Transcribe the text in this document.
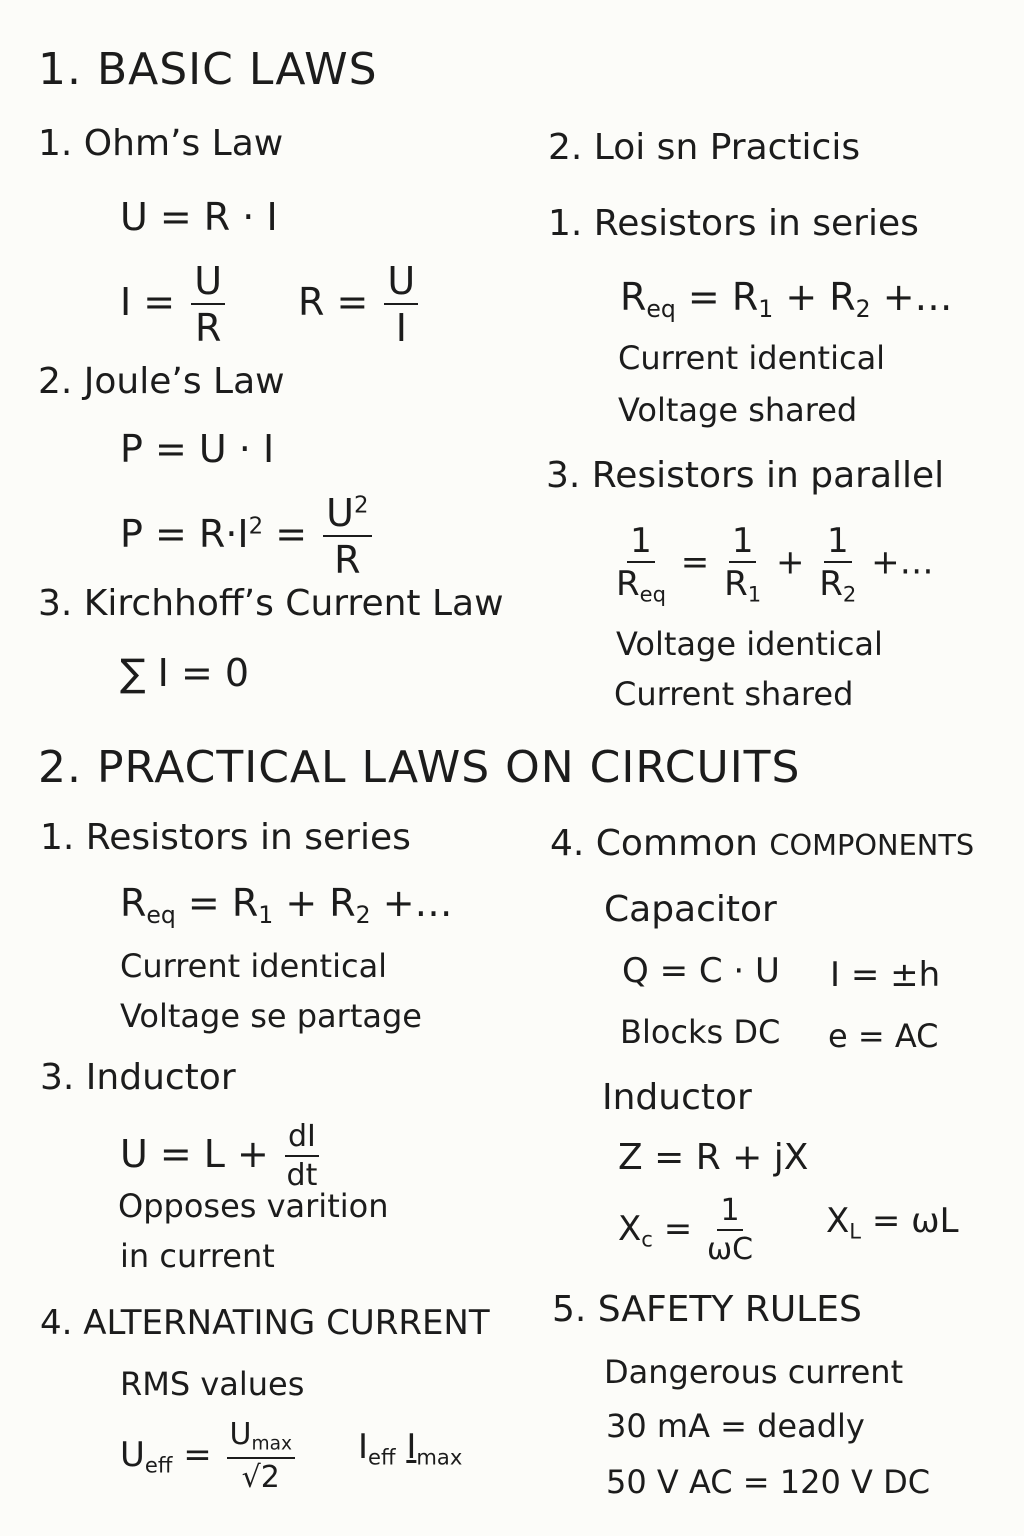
1. BASIC LAWS
1. Ohm’s Law
U = R · I
$I = \frac{U}{R}$ $R = \frac{U}{I}$
2. Joule’s Law
P = U · I
$P = R\cdot I^2 = \frac{U^2}{R}$
3. Kirchhoff’s Current Law
∑ I = 0
2. Loi sn Practicis
1. Resistors in series
$R_{eq} = R_1 + R_2$ +…
Current identical
Voltage shared
3. Resistors in parallel
$\frac{1}{R_{eq}} = \frac{1}{R_1} + \frac{1}{R_2}$ +…
Voltage identical
Current shared
2. PRACTICAL LAWS ON CIRCUITS
1. Resistors in series
$R_{eq} = R_1 + R_2$ +…
Current identical
Voltage se partage
3. Inductor
$U = L + \frac{dI}{dt}$
Opposes varition
in current
4. ALTERNATING CURRENT
RMS values
$U_{eff} = \frac{U_{max}}{√2} I_{eff}$ $I_{max}$
4. Common COMPONENTS
Capacitor
Q = C · U I = ±h
Blocks DC e = AC
Inductor
Z = R + jX
$X_c = \frac{1}{\omega C} X_L = \omega L$
5. SAFETY RULES
Dangerous current
30 mA = deadly
50 V AC = 120 V DC
